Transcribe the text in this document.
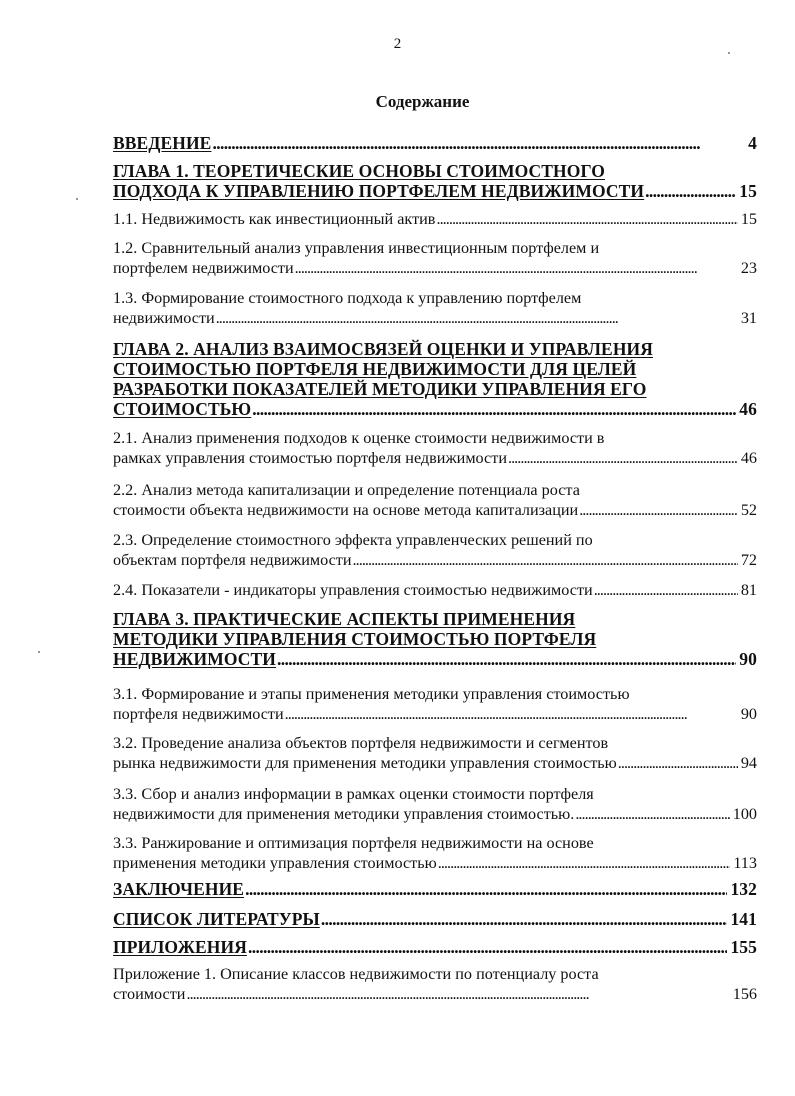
2
Содержание
ВВЕДЕНИЕ . . .	4
ГЛАВА 1. ТЕОРЕТИЧЕСКИЕ ОСНОВЫ СТОИМОСТНОГО
ПОДХОДА К УПРАВЛЕНИЮ ПОРТФЕЛЕМ НЕДВИЖИМОСТИ . . .	15
1.1. Недвижимость как инвестиционный актив . . .	15
1.2. Сравнительный анализ управления инвестиционным портфелем и
портфелем недвижимости . . .	23
1.3. Формирование стоимостного подхода к управлению портфелем
недвижимости . . .	31
ГЛАВА 2. АНАЛИЗ ВЗАИМОСВЯЗЕЙ ОЦЕНКИ И УПРАВЛЕНИЯ
СТОИМОСТЬЮ ПОРТФЕЛЯ НЕДВИЖИМОСТИ ДЛЯ ЦЕЛЕЙ
РАЗРАБОТКИ ПОКАЗАТЕЛЕЙ МЕТОДИКИ УПРАВЛЕНИЯ ЕГО
СТОИМОСТЬЮ . . .	46
2.1. Анализ применения подходов к оценке стоимости недвижимости в
рамках управления стоимостью портфеля недвижимости . . .	46
2.2. Анализ метода капитализации и определение потенциала роста
стоимости объекта недвижимости на основе метода капитализации . . .	52
2.3. Определение стоимостного эффекта управленческих решений по
объектам портфеля недвижимости . . .	72
2.4. Показатели - индикаторы управления стоимостью недвижимости . . .	81
ГЛАВА 3. ПРАКТИЧЕСКИЕ АСПЕКТЫ ПРИМЕНЕНИЯ
МЕТОДИКИ УПРАВЛЕНИЯ СТОИМОСТЬЮ ПОРТФЕЛЯ
НЕДВИЖИМОСТИ . . .	90
3.1. Формирование и этапы применения методики управления стоимостью
портфеля недвижимости . . .	90
3.2. Проведение анализа объектов портфеля недвижимости и сегментов
рынка недвижимости для применения методики управления стоимостью . . .	94
3.3. Сбор и анализ информации в рамках оценки стоимости портфеля
недвижимости для применения методики управления стоимостью. . . .	100
3.3. Ранжирование и оптимизация портфеля недвижимости на основе
применения методики управления стоимостью . . .	113
ЗАКЛЮЧЕНИЕ . . .	132
СПИСОК ЛИТЕРАТУРЫ . . .	141
ПРИЛОЖЕНИЯ . . .	155
Приложение 1. Описание классов недвижимости по потенциалу роста
стоимости . . .	156
